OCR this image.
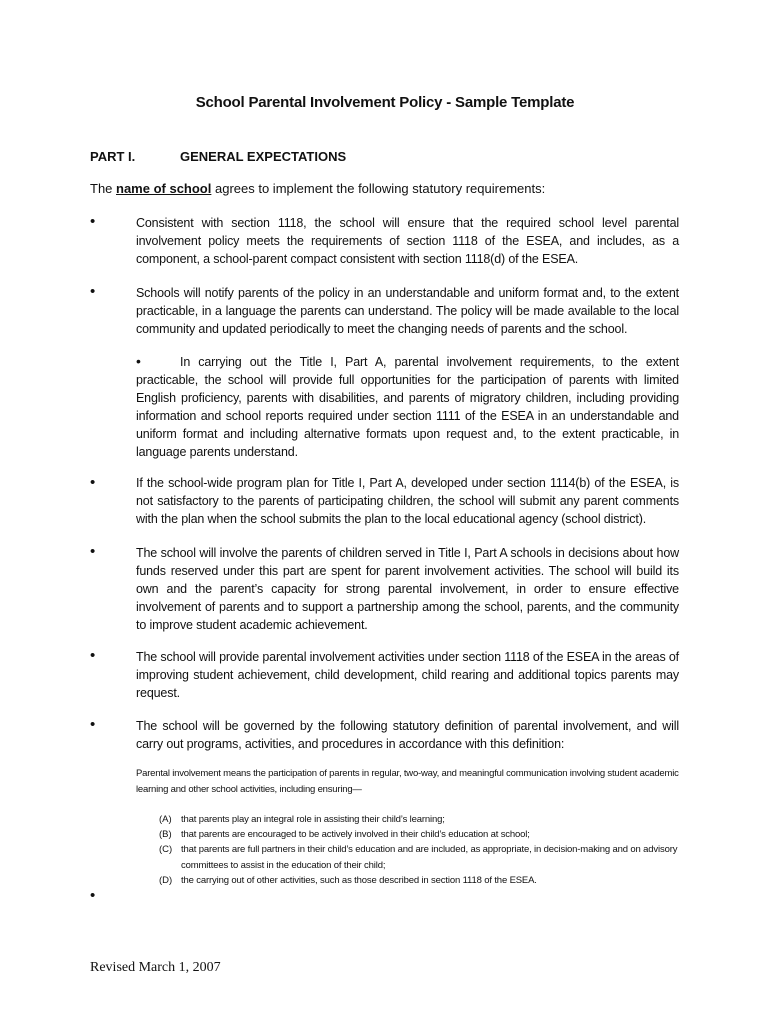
School Parental Involvement Policy - Sample Template
PART I.	GENERAL EXPECTATIONS
The name of school agrees to implement the following statutory requirements:
•	Consistent with section 1118, the school will ensure that the required school level parental involvement policy meets the requirements of section 1118 of the ESEA, and includes, as a component, a school-parent compact consistent with section 1118(d) of the ESEA.
•	Schools will notify parents of the policy in an understandable and uniform format and, to the extent practicable, in a language the parents can understand. The policy will be made available to the local community and updated periodically to meet the changing needs of parents and the school.
•	In carrying out the Title I, Part A, parental involvement requirements, to the extent practicable, the school will provide full opportunities for the participation of parents with limited English proficiency, parents with disabilities, and parents of migratory children, including providing information and school reports required under section 1111 of the ESEA in an understandable and uniform format and including alternative formats upon request and, to the extent practicable, in language parents understand.
•	If the school-wide program plan for Title I, Part A, developed under section 1114(b) of the ESEA, is not satisfactory to the parents of participating children, the school will submit any parent comments with the plan when the school submits the plan to the local educational agency (school district).
•	The school will involve the parents of children served in Title I, Part A schools in decisions about how funds reserved under this part are spent for parent involvement activities. The school will build its own and the parent’s capacity for strong parental involvement, in order to ensure effective involvement of parents and to support a partnership among the school, parents, and the community to improve student academic achievement.
•	The school will provide parental involvement activities under section 1118 of the ESEA in the areas of improving student achievement, child development, child rearing and additional topics parents may request.
•	The school will be governed by the following statutory definition of parental involvement, and will carry out programs, activities, and procedures in accordance with this definition:
Parental involvement means the participation of parents in regular, two-way, and meaningful communication involving student academic learning and other school activities, including ensuring—
(A) that parents play an integral role in assisting their child’s learning;
(B) that parents are encouraged to be actively involved in their child’s education at school;
(C) that parents are full partners in their child’s education and are included, as appropriate, in decision-making and on advisory committees to assist in the education of their child;
(D) the carrying out of other activities, such as those described in section 1118 of the ESEA.
•
Revised March 1, 2007
